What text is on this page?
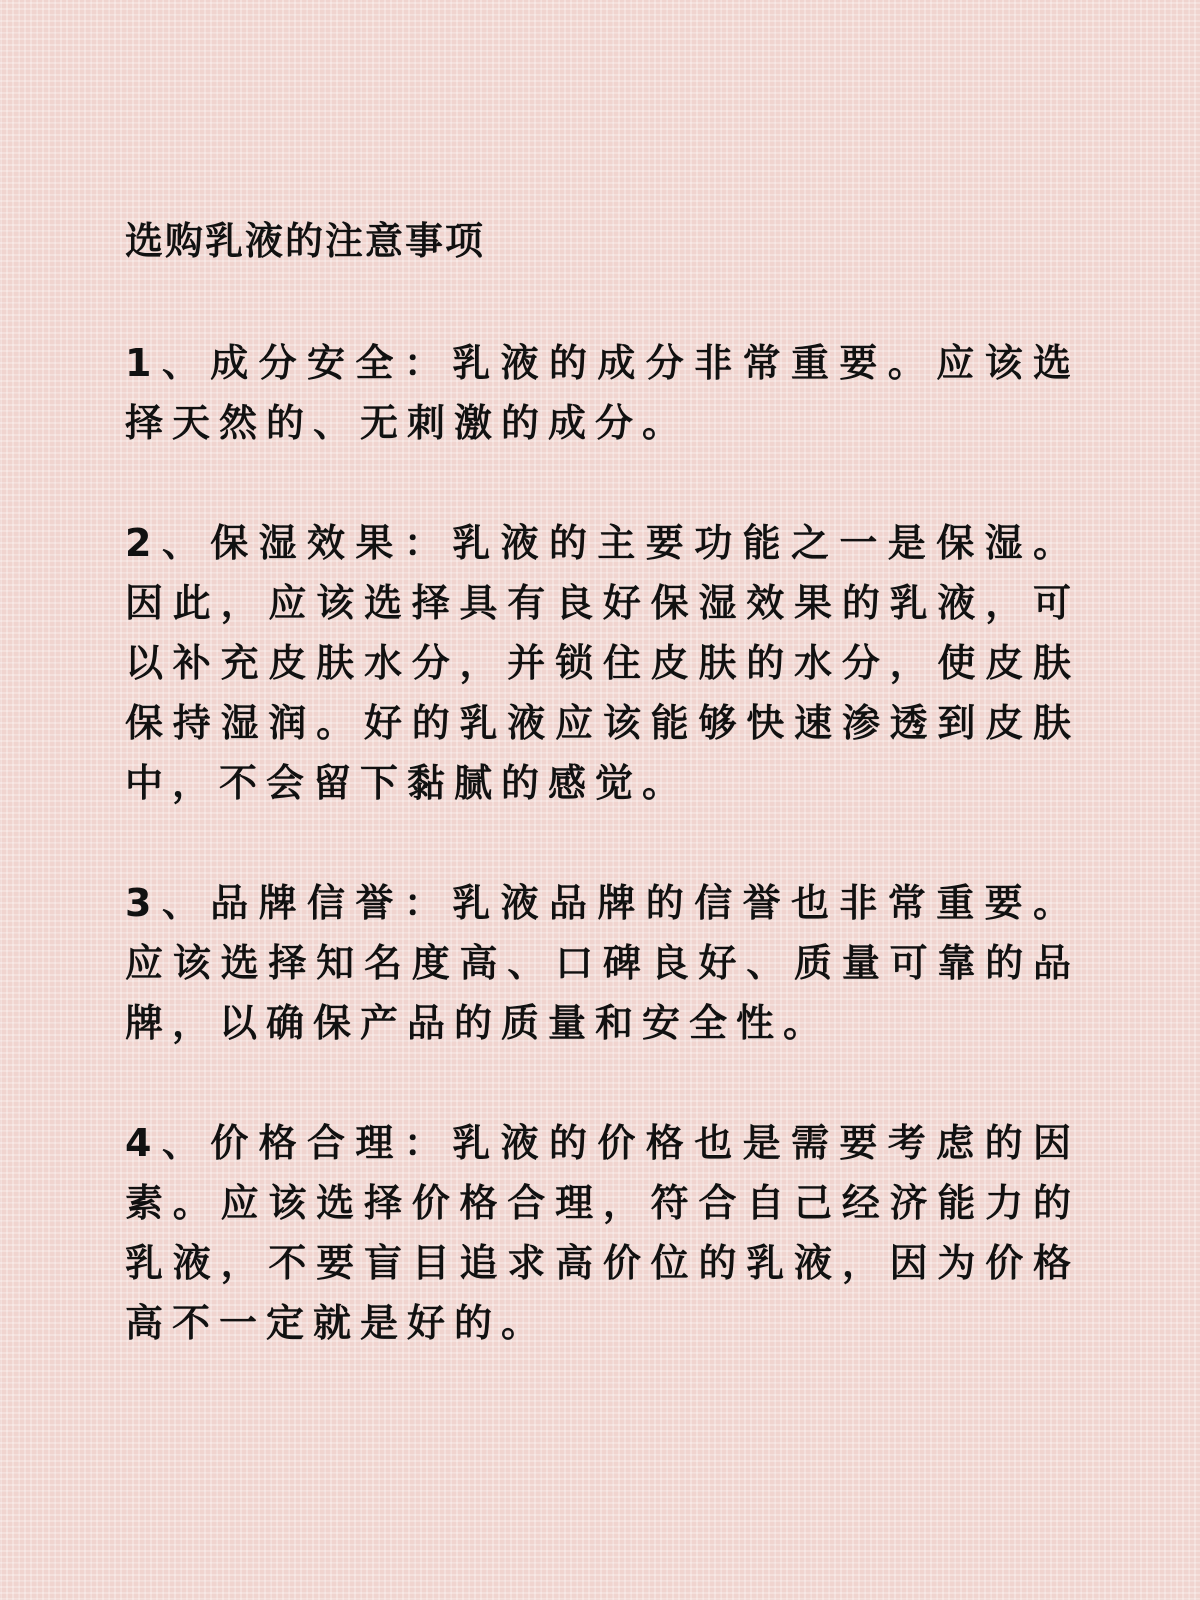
选购乳液的注意事项
1、成分安全：乳液的成分非常重要。应该选择天然的、无刺激的成分。
2、保湿效果：乳液的主要功能之一是保湿。因此，应该选择具有良好保湿效果的乳液，可以补充皮肤水分，并锁住皮肤的水分，使皮肤保持湿润。好的乳液应该能够快速渗透到皮肤中，不会留下黏腻的感觉。
3、品牌信誉：乳液品牌的信誉也非常重要。应该选择知名度高、口碑良好、质量可靠的品牌，以确保产品的质量和安全性。
4、价格合理：乳液的价格也是需要考虑的因素。应该选择价格合理，符合自己经济能力的乳液，不要盲目追求高价位的乳液，因为价格高不一定就是好的。
